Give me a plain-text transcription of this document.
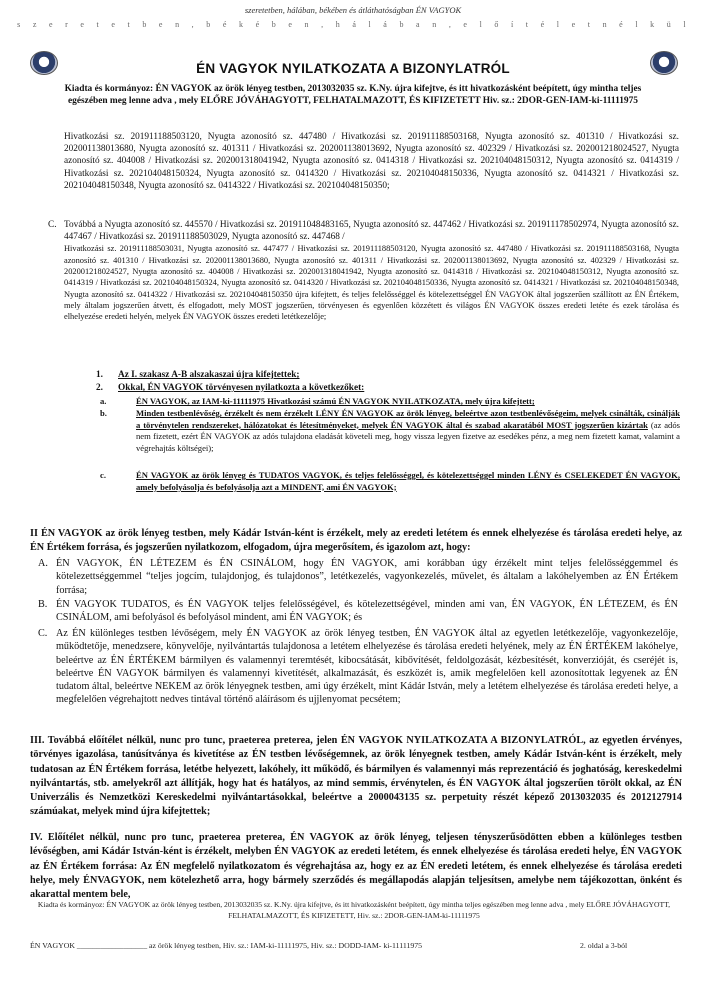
szeretetben, hálában, békében és átláthatóságban ÉN VAGYOK
s z e r e t e t b e n , b é k é b e n , h á l á b a n , e l ő í t é l e t n é l k ü l
ÉN VAGYOK NYILATKOZATA A BIZONYLATRÓL
Kiadta és kormányoz: ÉN VAGYOK az örök lényeg testben, 2013032035 sz. K.Ny. újra kifejtve, és itt hivatkozásként beépített, úgy mintha teljes egészében meg lenne adva , mely ELŐRE JÓVÁHAGYOTT, FELHATALMAZOTT, ÉS KIFIZETETT Hiv. sz.: 2DOR-GEN-IAM-ki-11111975
Hivatkozási sz. 201911188503120, Nyugta azonosító sz. 447480 / Hivatkozási sz. 201911188503168, Nyugta azonosító sz. 401310 / Hivatkozási sz. 202001138013680, Nyugta azonosító sz. 401311 / Hivatkozási sz. 202001138013692, Nyugta azonosító sz. 402329 / Hivatkozási sz. 202001218024527, Nyugta azonosító sz. 404008 / Hivatkozási sz. 202001318041942, Nyugta azonosító sz. 0414318 / Hivatkozási sz. 202104048150312, Nyugta azonosító sz. 0414319 / Hivatkozási sz. 202104048150324, Nyugta azonosító sz. 0414320 / Hivatkozási sz. 202104048150336, Nyugta azonosító sz. 0414321 / Hivatkozási sz. 202104048150348, Nyugta azonosító sz. 0414322 / Hivatkozási sz. 202104048150350;
C. Továbbá a Nyugta azonosító sz. 445570 / Hivatkozási sz. 201911048483165, Nyugta azonosító sz. 447462 / Hivatkozási sz. 201911178502974, Nyugta azonosító sz. 447467 / Hivatkozási sz. 201911188503029, Nyugta azonosító sz. 447468 /

Hivatkozási sz. 201911188503031, Nyugta azonosító sz. 447477 / Hivatkozási sz. 201911188503120, Nyugta azonosító sz. 447480 / Hivatkozási sz. 201911188503168, Nyugta azonosító sz. 401310 / Hivatkozási sz. 202001138013680, Nyugta azonosító sz. 401311 / Hivatkozási sz. 202001138013692, Nyugta azonosító sz. 402329 / Hivatkozási sz. 202001218024527, Nyugta azonosító sz. 404008 / Hivatkozási sz. 202001318041942, Nyugta azonosító sz. 0414318 / Hivatkozási sz. 202104048150312, Nyugta azonosító sz. 0414319 / Hivatkozási sz. 202104048150324, Nyugta azonosító sz. 0414320 / Hivatkozási sz. 202104048150336, Nyugta azonosító sz. 0414321 / Hivatkozási sz. 202104048150348, Nyugta azonosító sz. 0414322 / Hivatkozási sz. 202104048150350 újra kifejtett, és teljes felelősséggel és kötelezettséggel ÉN VAGYOK által jogszerűen szállított az ÉN Értékem, mely általam jogszerűen átvett, és elfogadott, mely MOST jogszerűen, törvényesen és egyenlően közzétett és világos ÉN VAGYOK összes eredeti letéte és ezek tárolása és elhelyezése eredeti helyén, melyek ÉN VAGYOK összes eredeti letétkezelője;

1. Az I. szakasz A-B alszakaszai újra kifejtettek;
2. Okkal, ÉN VAGYOK törvényesen nyilatkozta a következőket:
a.	ÉN VAGYOK, az IAM-ki-11111975 Hivatkozási számú ÉN VAGYOK NYILATKOZATA, mely újra kifejtett;
b.	Minden testbenlévőség, érzékelt és nem érzékelt LÉNY ÉN VAGYOK az örök lényeg, beleértve azon testbenlévőségeim, melyek csinálták, csinálják a törvénytelen rendszereket, hálózatokat és létesítményeket, melyek ÉN VAGYOK által és szabad akaratából MOST jogszerűen kizártak (az adós nem fizetett, ezért ÉN VAGYOK az adós tulajdona eladását követeli meg, hogy vissza legyen fizetve az esedékes pénz, a meg nem fizetett kamat, valamint a végrehajtás költségei);
c.	ÉN VAGYOK az örök lényeg és TUDATOS VAGYOK, és teljes felelősséggel, és kötelezettséggel minden LÉNY és CSELEKEDET ÉN VAGYOK, amely befolyásolja és befolyásolja azt a MINDENT, ami ÉN VAGYOK;
II ÉN VAGYOK az örök lényeg testben, mely Kádár István-ként is érzékelt, mely az eredeti letétem és ennek elhelyezése és tárolása eredeti helye, az ÉN Értékem forrása, és jogszerűen nyilatkozom, elfogadom, újra megerősítem, és igazolom azt, hogy:
A. ÉN VAGYOK, ÉN LÉTEZEM és ÉN CSINÁLOM, hogy ÉN VAGYOK, ami korábban úgy érzékelt mint teljes felelősséggemmel és kötelezettséggemmel “teljes jogcím, tulajdonjog, és tulajdonos”, letétkezelés, vagyonkezelés, művelet, és általam a lakóhelyemben az ÉN Értékem forrása;
B. ÉN VAGYOK TUDATOS, és ÉN VAGYOK teljes felelősségével, és kötelezettségével, minden ami van, ÉN VAGYOK, ÉN LÉTEZEM, és ÉN CSINÁLOM, ami befolyásol és befolyásol mindent, ami ÉN VAGYOK; és
C. Az ÉN különleges testben lévőségem, mely ÉN VAGYOK az örök lényeg testben, ÉN VAGYOK által az egyetlen letétkezelője, vagyonkezelője, működtetője, menedzsere, könyvelője, nyilvántartás tulajdonosa a letétem elhelyezése és tárolása eredeti helyének, mely az ÉN ÉRTÉKEM lakóhelye, beleértve az ÉN ÉRTÉKEM bármilyen és valamennyi teremtését, kibocsátását, kibővítését, feldolgozását, kézbesítését, konverzióját, és cseréjét is, beleértve ÉN VAGYOK bármilyen és valamennyi kivetítését, alkalmazását, és eszközét is, amik megfelelően kell azonosítottak legyenek az ÉN tudatom által, beleértve NEKEM az örök lényegnek testben, ami úgy érzékelt, mint Kádár István, mely a letétem elhelyezése és tárolása eredeti helye, a megfelelően végrehajtott nedves tintával történő aláírásom és ujjlenyomat pecsétem;
III. Továbbá előítélet nélkül, nunc pro tunc, praeterea preterea, jelen ÉN VAGYOK NYILATKOZATA A BIZONYLATRÓL, az egyetlen érvényes, törvényes igazolása, tanúsítványa és kivetítése az ÉN testben lévőségemnek, az örök lényegnek testben, amely Kádár István-ként is érzékelt, mely tudatosan az ÉN Értékem forrása, letétbe helyezett, lakóhely, itt működő, és bármilyen és valamennyi más reprezentáció és joghatóság, kereskedelmi nyilvántartás, stb. amelyekről azt állítják, hogy hat és hatályos, az mind semmis, érvénytelen, és ÉN VAGYOK által jogszerűen törölt okkal, az ÉN Univerzális és Nemzetközi Kereskedelmi nyilvántartásokkal, beleértve a 2000043135 sz. perpetuity részét képező 2013032035 és 2012127914 számúakat, melyek mind újra kifejtettek;
IV. Előítélet nélkül, nunc pro tunc, praeterea preterea, ÉN VAGYOK az örök lényeg, teljesen tényszerűsödötten ebben a különleges testben lévőségben, ami Kádár István-ként is érzékelt, melyben ÉN VAGYOK az eredeti letétem, és ennek elhelyezése és tárolása eredeti helye, ÉN VAGYOK az ÉN Értékem forrása: Az ÉN megfelelő nyilatkozatom és végrehajtása az, hogy ez az ÉN eredeti letétem, és ennek elhelyezése és tárolása eredeti helye, mely ÉNVAGYOK, nem kötelezhető arra, hogy bármely szerződés és megállapodás alapján teljesítsen, amelybe nem tájékozottan, önként és akarattal mentem bele,
Kiadta és kormányoz: ÉN VAGYOK az örök lényeg testben, 2013032035 sz. K.Ny. újra kifejtve, és itt hivatkozásként beépített, úgy mintha teljes egészében meg lenne adva , mely ELŐRE JÓVÁHAGYOTT, FELHATALMAZOTT, ÉS KIFIZETETT, Hiv. sz.: 2DOR-GEN-IAM-ki-11111975
ÉN VAGYOK __________________ az örök lényeg testben, Hiv. sz.: IAM-ki-11111975, Hiv. sz.: DODD-IAM- ki-11111975	2. oldal a 3-ból
